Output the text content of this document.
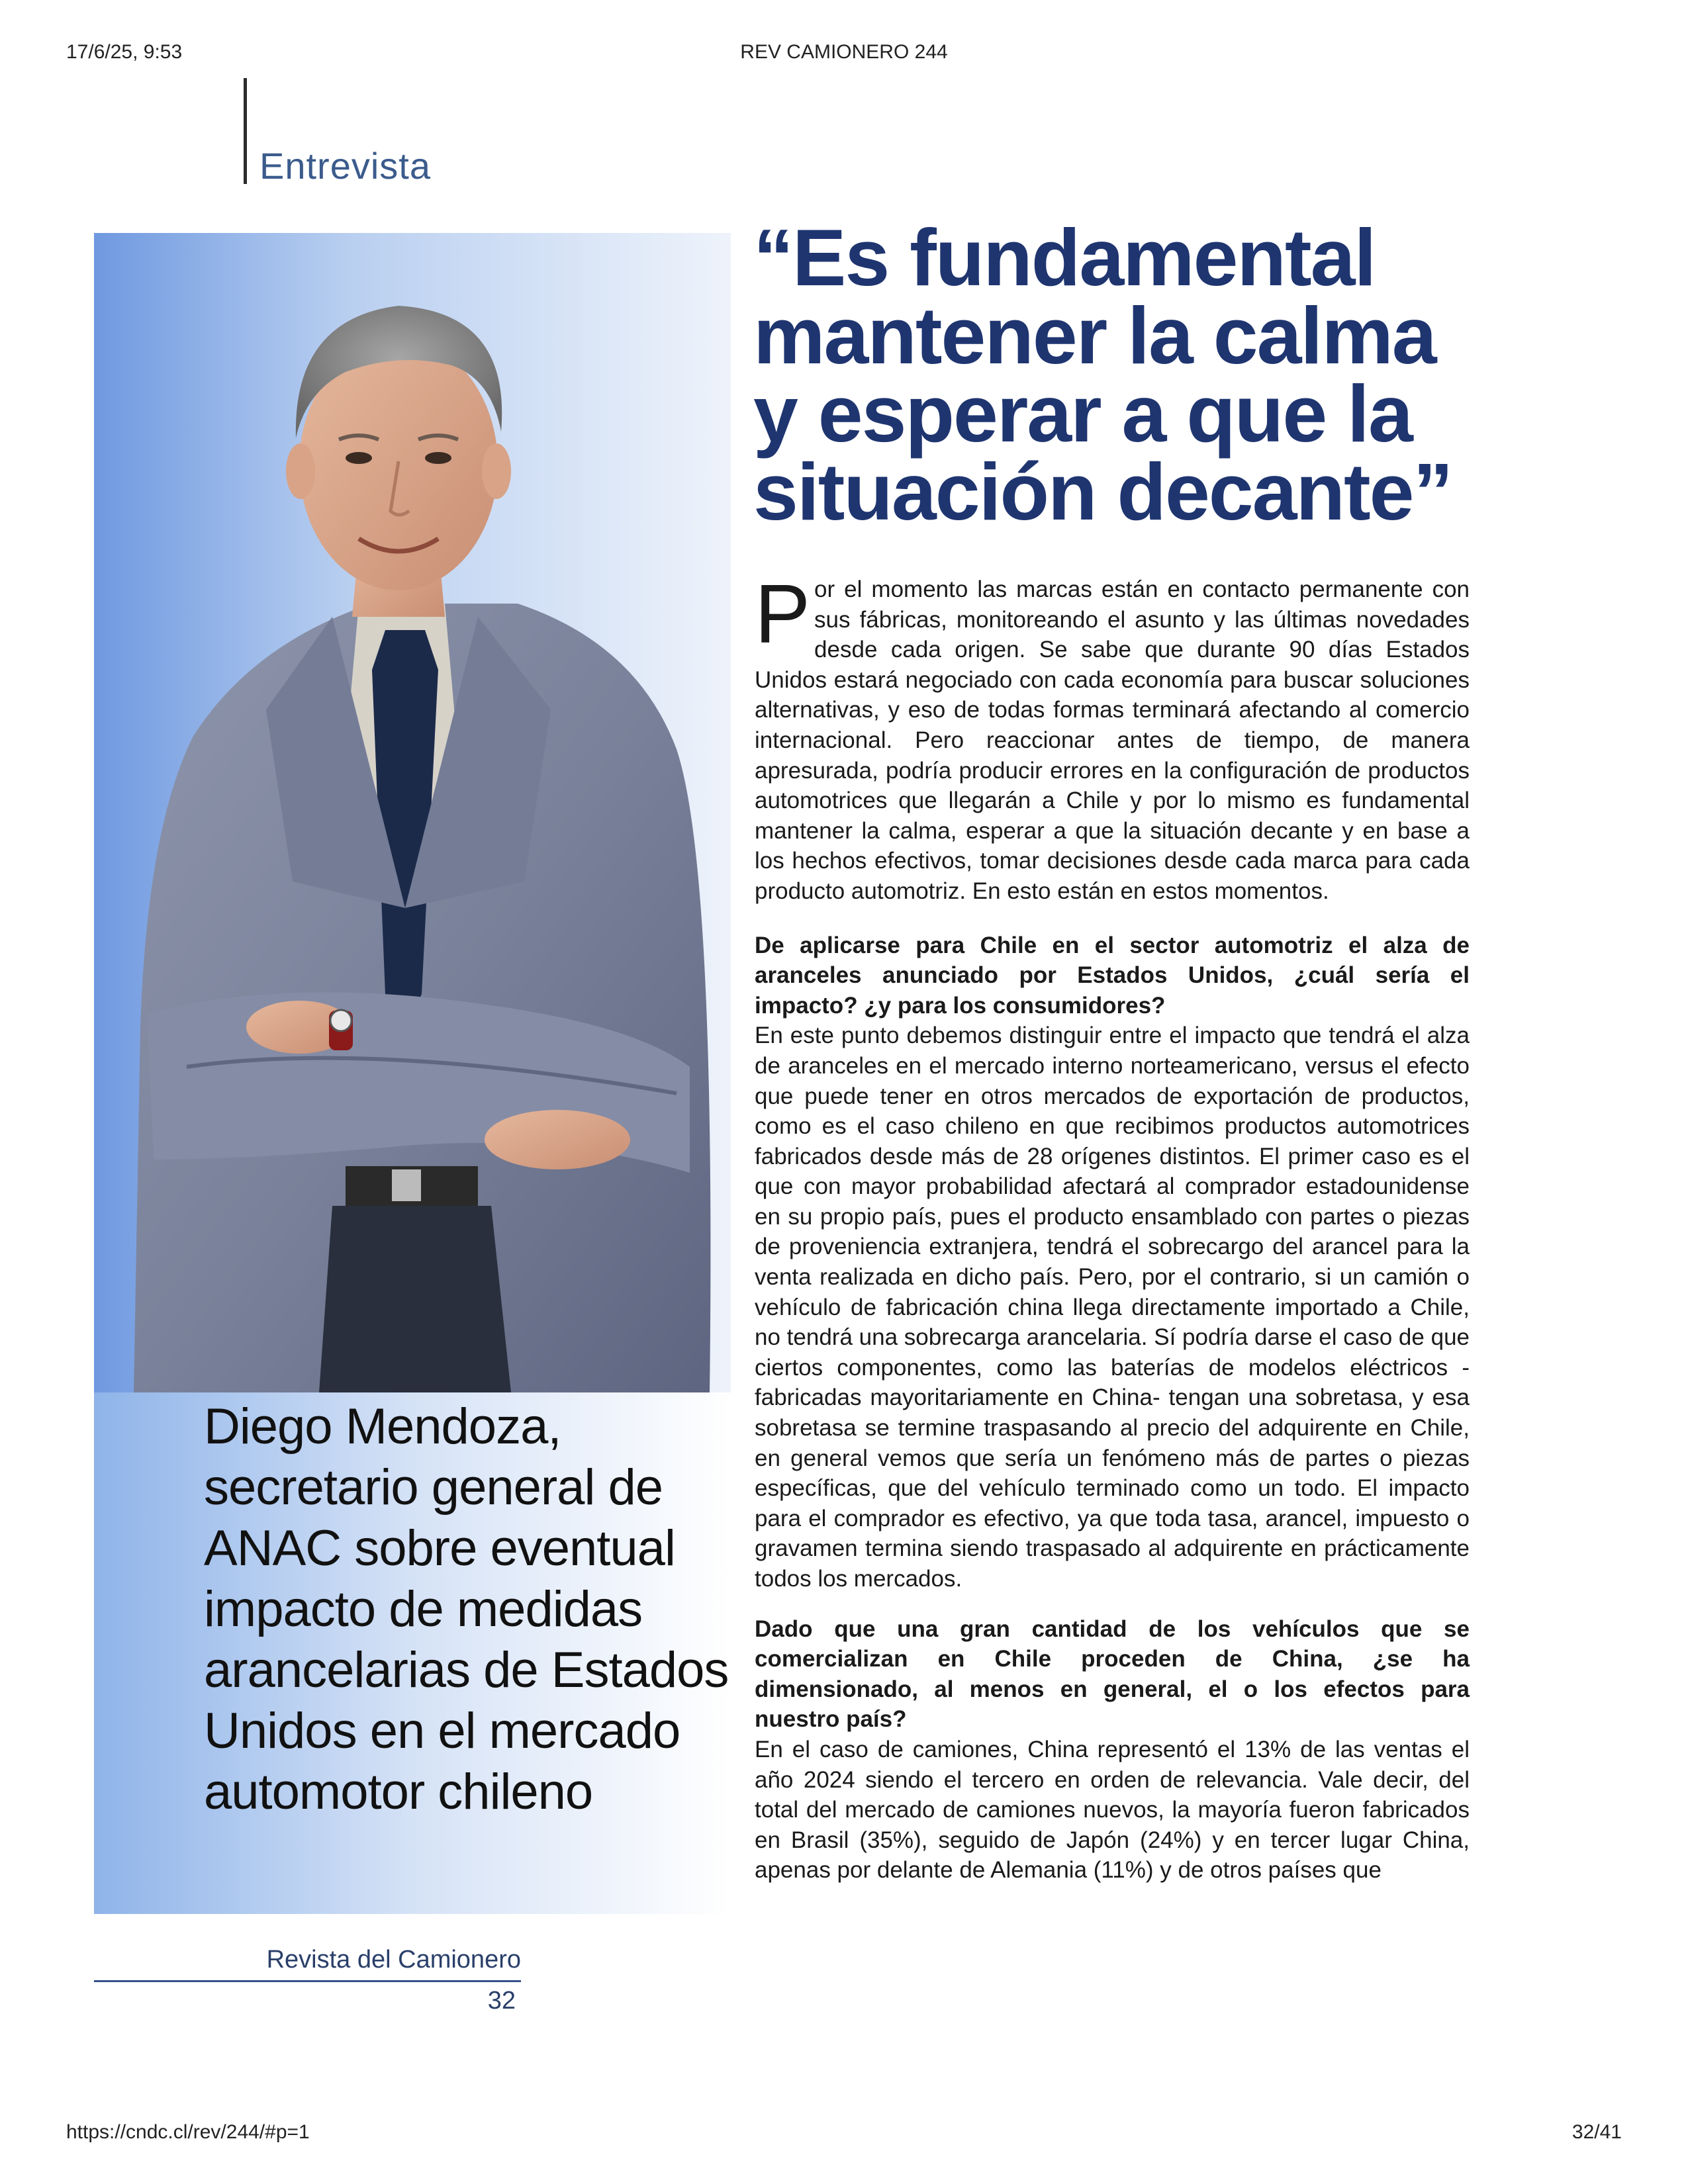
17/6/25, 9:53	REV CAMIONERO 244
Entrevista
Diego Mendoza, secretario general de ANAC sobre eventual impacto de medidas arancelarias de Estados Unidos en el mercado automotor chileno
Revista del Camionero
32
“Es fundamental mantener la calma y esperar a que la situación decante”

Por el momento las marcas están en contacto permanente con sus fábricas, monitoreando el asunto y las últimas novedades desde cada origen. Se sabe que durante 90 días Estados Unidos estará negociado con cada economía para buscar soluciones alternativas, y eso de todas formas terminará afectando al comercio internacional. Pero reaccionar antes de tiempo, de manera apresurada, podría producir errores en la configuración de productos automotrices que llegarán a Chile y por lo mismo es fundamental mantener la calma, esperar a que la situación decante y en base a los hechos efectivos, tomar decisiones desde cada marca para cada producto automotriz. En esto están en estos momentos.

De aplicarse para Chile en el sector automotriz el alza de aranceles anunciado por Estados Unidos, ¿cuál sería el impacto? ¿y para los consumidores?

En este punto debemos distinguir entre el impacto que tendrá el alza de aranceles en el mercado interno norteamericano, versus el efecto que puede tener en otros mercados de exportación de productos, como es el caso chileno en que recibimos productos automotrices fabricados desde más de 28 orígenes distintos. El primer caso es el que con mayor probabilidad afectará al comprador estadounidense en su propio país, pues el producto ensamblado con partes o piezas de proveniencia extranjera, tendrá el sobrecargo del arancel para la venta realizada en dicho país. Pero, por el contrario, si un camión o vehículo de fabricación china llega directamente importado a Chile, no tendrá una sobrecarga arancelaria. Sí podría darse el caso de que ciertos componentes, como las baterías de modelos eléctricos -fabricadas mayoritariamente en China- tengan una sobretasa, y esa sobretasa se termine traspasando al precio del adquirente en Chile, en general vemos que sería un fenómeno más de partes o piezas específicas, que del vehículo terminado como un todo. El impacto para el comprador es efectivo, ya que toda tasa, arancel, impuesto o gravamen termina siendo traspasado al adquirente en prácticamente todos los mercados.

Dado que una gran cantidad de los vehículos que se comercializan en Chile proceden de China, ¿se ha dimensionado, al menos en general, el o los efectos para nuestro país?

En el caso de camiones, China representó el 13% de las ventas el año 2024 siendo el tercero en orden de relevancia. Vale decir, del total del mercado de camiones nuevos, la mayoría fueron fabricados en Brasil (35%), seguido de Japón (24%) y en tercer lugar China, apenas por delante de Alemania (11%) y de otros países que

https://cndc.cl/rev/244/#p=1	32/41
